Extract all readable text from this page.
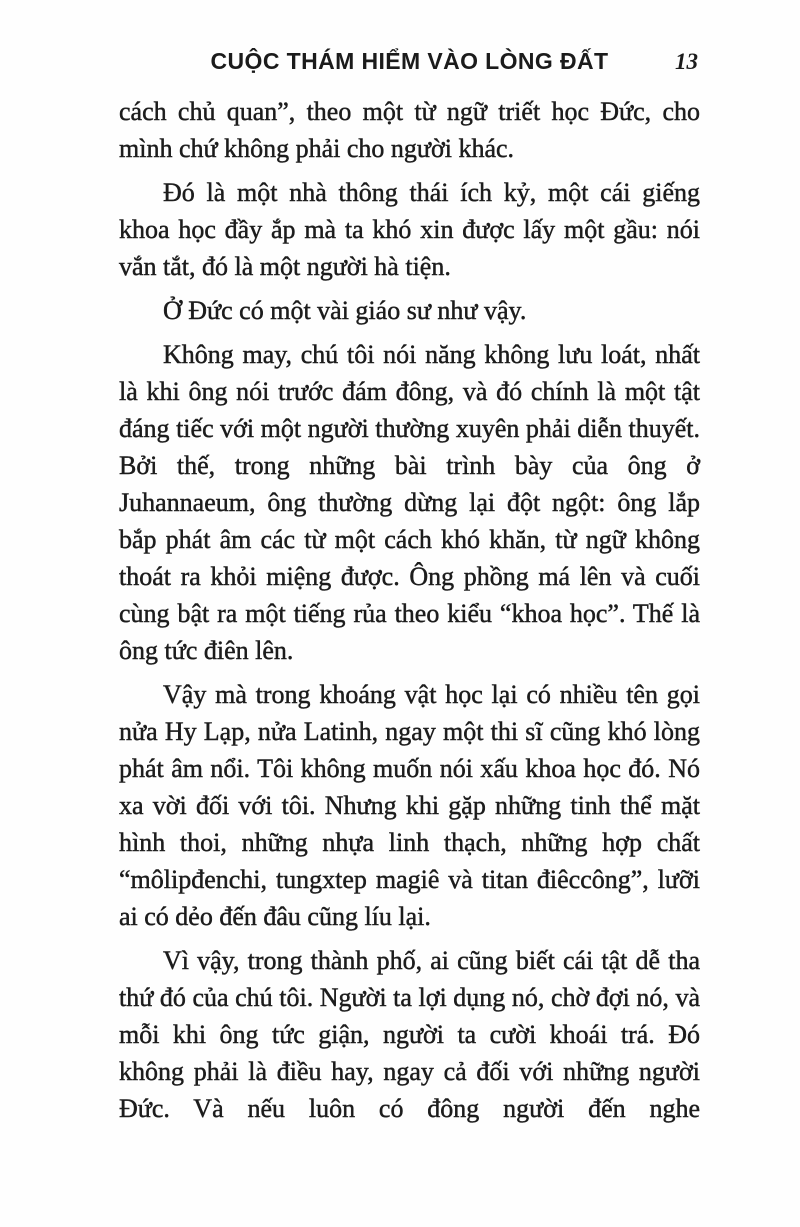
CUỘC THÁM HIỂM VÀO LÒNG ĐẤT	13

cách chủ quan”, theo một từ ngữ triết học Đức, cho mình chứ không phải cho người khác.

Đó là một nhà thông thái ích kỷ, một cái giếng khoa học đầy ắp mà ta khó xin được lấy một gầu: nói vắn tắt, đó là một người hà tiện.

Ở Đức có một vài giáo sư như vậy.

Không may, chú tôi nói năng không lưu loát, nhất là khi ông nói trước đám đông, và đó chính là một tật đáng tiếc với một người thường xuyên phải diễn thuyết. Bởi thế, trong những bài trình bày của ông ở Juhannaeum, ông thường dừng lại đột ngột: ông lắp bắp phát âm các từ một cách khó khăn, từ ngữ không thoát ra khỏi miệng được. Ông phồng má lên và cuối cùng bật ra một tiếng rủa theo kiểu “khoa học”. Thế là ông tức điên lên.

Vậy mà trong khoáng vật học lại có nhiều tên gọi nửa Hy Lạp, nửa Latinh, ngay một thi sĩ cũng khó lòng phát âm nổi. Tôi không muốn nói xấu khoa học đó. Nó xa vời đối với tôi. Nhưng khi gặp những tinh thể mặt hình thoi, những nhựa linh thạch, những hợp chất “môlipđenchi, tungxtep magiê và titan điêccông”, lưỡi ai có dẻo đến đâu cũng líu lại.

Vì vậy, trong thành phố, ai cũng biết cái tật dễ tha thứ đó của chú tôi. Người ta lợi dụng nó, chờ đợi nó, và mỗi khi ông tức giận, người ta cười khoái trá. Đó không phải là điều hay, ngay cả đối với những người Đức. Và nếu luôn có đông người đến nghe
